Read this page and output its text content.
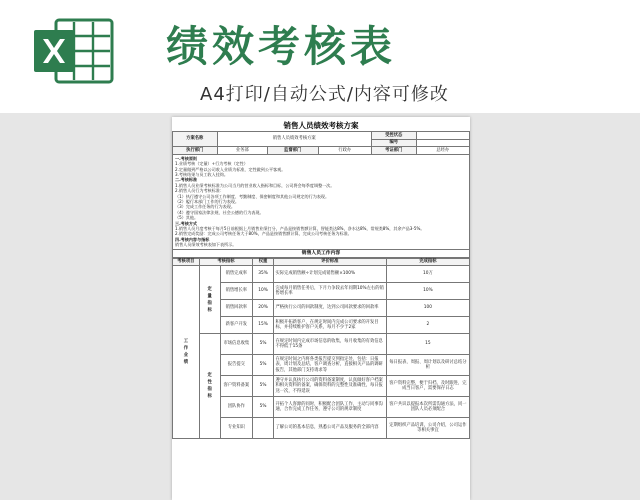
绩效考核表
A4打印/自动公式/内容可修改
销售人员绩效考核方案
方案名称	销售人员绩效考核方案			受控状态	
				编号	
执行部门	业务部	监督部门	行政办	考证部门	总经办
一.考核原则
1.业绩考核（定量）+行为考核（定性）
2.定量做到严格以公司收入业绩为标准，定性做到公平客观。
3.考核结果与员工收入挂钩。
二.考核标准
1.销售人员业绩考核标准为公司当月的营业收入指标和目标，公司将会每季度调整一次。
2.销售人员行为考核标准：
（1）执行遵守公司各项工作制度、考勤制度、保密制度和其他公司规定的行为表现。
（2）履行本部门工作的行为表现。
（3）完成工作任务的行为表现。
（4）遵守国家法律法规、社会公德的行为表现。
（5）其他。
三.考核方式
1.销售人员月度考核于每月5日前根据上月销售业绩打分，产品是按销售额计算，智能类达8%，净水达8%，常规类8%，其余产品3-5%。
2.销售完成奖励：完成公司考核任务大于80%，产品是按销售额计算，完成公司考核任务为标准。
四.考核内容与指标
销售人员绩效考核表如下表所示。
销售人员工作内容
考核项目	考核指标		权重	评价标准	完成指标

工
作
业
绩	定
量
指
标	销售完成率	35%	实际完成销售额÷计划完成销售额×100%	10万
		销售增长率	10%	完成每月销售任务后，下月力争较去年同期10%左右的销售增长率	10%
		销售回款率	20%	严格执行公司的回款制度，达到公司回款要求的回款率	100
		新客户开发	15%	积极开拓新客户，在规定时间内完成公司要求的开发目标，并持续维护客户关系，每月不少于2家	2

	定
性
指
标	市场信息收集	5%	在规定时间内完成市场信息的收集，每月收集的有效信息不得低于15条	15
		报告提交	5%	在规定时间之内将各类报告提交到指定处，包括：日报表、周计划及总结，客户调查分析，直接相关产品的调研报告，其他部门支持请求等	每日报表、周报、周计划以及研讨总结分析
		客户资料备案	5%	遵守并认真执行公司的资料备案制度，认真做好客户档案和相关资料的备案，确保资料的完整性及准确性，每日报送一次，不得延误	客户资料完整，便于归档，及时跟进，完成当日客户，需要保存日志
		团队协作	5%	开拓个人客源的同时，积极配合团队工作，主动与同事沟通，合作完成工作任务，遵守公司的规章制度	客户共识以提报本次所需沟通方法，同一团队人员必须配合
		专业知识		了解公司的基本信息，熟悉公司产品及服务的全部内容	定期组织产品培训，公司介绍，公司运作等相关事宜
